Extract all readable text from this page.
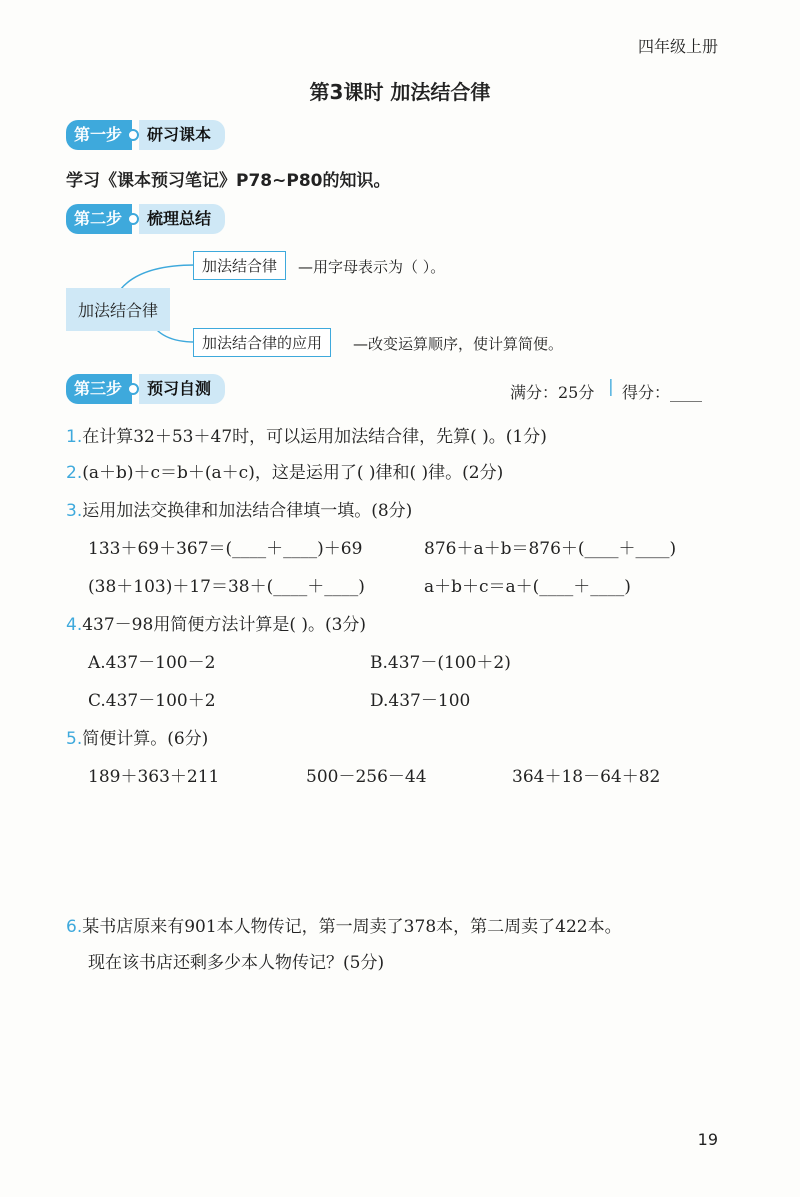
四年级上册
第3课时 加法结合律
第一步	研习课本
学习《课本预习笔记》P78~P80的知识。
第二步	梳理总结
加法结合律
加法结合律	—用字母表示为（ ）。
加法结合律的应用	—改变运算顺序，使计算简便。
第三步	预习自测	满分：25分 | 得分：____
1.在计算32＋53＋47时，可以运用加法结合律，先算( )。(1分)
2.(a＋b)＋c＝b＋(a＋c)，这是运用了( )律和( )律。(2分)
3.运用加法交换律和加法结合律填一填。(8分)
133＋69＋367＝(____＋____)＋69	876＋a＋b＝876＋(____＋____)
(38＋103)＋17＝38＋(____＋____)	a＋b＋c＝a＋(____＋____)
4.437－98用简便方法计算是( )。(3分)
A.437－100－2	B.437－(100＋2)
C.437－100＋2	D.437－100
5.简便计算。(6分)
189＋363＋211	500－256－44	364＋18－64＋82
6.某书店原来有901本人物传记，第一周卖了378本，第二周卖了422本。
现在该书店还剩多少本人物传记？(5分)
19
